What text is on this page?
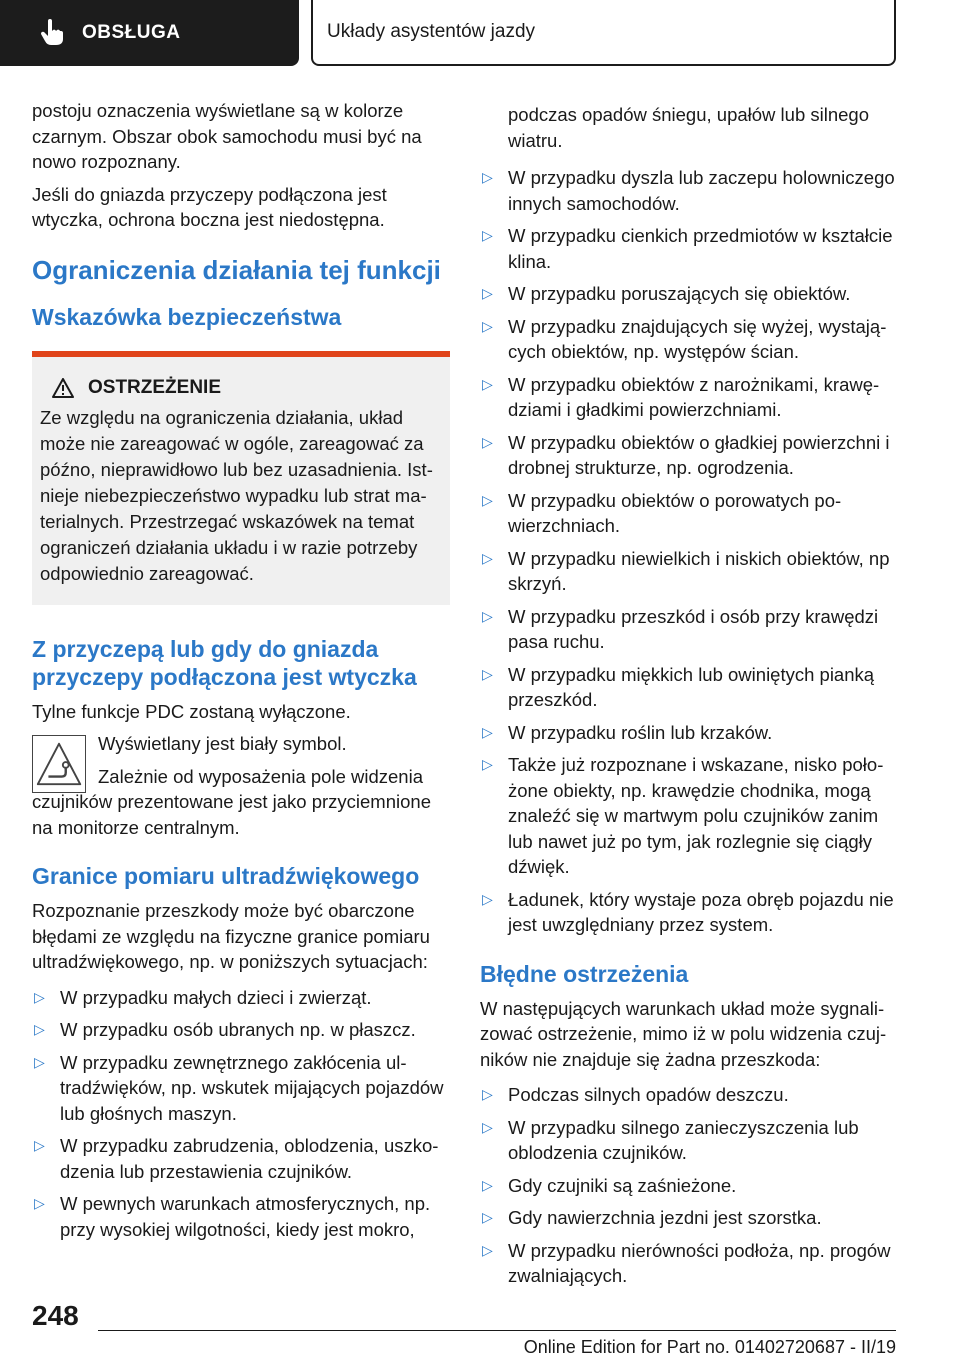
OBSŁUGA	Układy asystentów jazdy

postoju oznaczenia wyświetlane są w kolorze czarnym. Obszar obok samochodu musi być na nowo rozpoznany.

Jeśli do gniazda przyczepy podłączona jest wtyczka, ochrona boczna jest niedostępna.

Ograniczenia działania tej funkcji
Wskazówka bezpieczeństwa
OSTRZEŻENIE

Ze względu na ograniczenia działania, układ może nie zareagować w ogóle, zareagować za późno, nieprawidłowo lub bez uzasadnienia. Istnieje niebezpieczeństwo wypadku lub strat materialnych. Przestrzegać wskazówek na temat ograniczeń działania układu i w razie potrzeby odpowiednio zareagować.

Z przyczepą lub gdy do gniazda przyczepy podłączona jest wtyczka

Tylne funkcje PDC zostaną wyłączone.

Wyświetlany jest biały symbol.

Zależnie od wyposażenia pole widzenia czujników prezentowane jest jako przyciemnione na monitorze centralnym.

Granice pomiaru ultradźwiękowego

Rozpoznanie przeszkody może być obarczone błędami ze względu na fizyczne granice pomiaru ultradźwiękowego, np. w poniższych sytuacjach:

▷ W przypadku małych dzieci i zwierząt.
▷ W przypadku osób ubranych np. w płaszcz.
▷ W przypadku zewnętrznego zakłócenia ultradźwięków, np. wskutek mijających pojazdów lub głośnych maszyn.
▷ W przypadku zabrudzenia, oblodzenia, uszkodzenia lub przestawienia czujników.
▷ W pewnych warunkach atmosferycznych, np. przy wysokiej wilgotności, kiedy jest mokro,

podczas opadów śniegu, upałów lub silnego wiatru.

▷ W przypadku dyszla lub zaczepu holowniczego innych samochodów.
▷ W przypadku cienkich przedmiotów w kształcie klina.
▷ W przypadku poruszających się obiektów.
▷ W przypadku znajdujących się wyżej, wystających obiektów, np. występów ścian.
▷ W przypadku obiektów z narożnikami, krawędziami i gładkimi powierzchniami.
▷ W przypadku obiektów o gładkiej powierzchni i drobnej strukturze, np. ogrodzenia.
▷ W przypadku obiektów o porowatych powierzchniach.
▷ W przypadku niewielkich i niskich obiektów, np skrzyń.
▷ W przypadku przeszkód i osób przy krawędzi pasa ruchu.
▷ W przypadku miękkich lub owiniętych pianką przeszkód.
▷ W przypadku roślin lub krzaków.
▷ Także już rozpoznane i wskazane, nisko położone obiekty, np. krawędzie chodnika, mogą znaleźć się w martwym polu czujników zanim lub nawet już po tym, jak rozlegnie się ciągły dźwięk.
▷ Ładunek, który wystaje poza obręb pojazdu nie jest uwzględniany przez system.
Błędne ostrzeżenia

W następujących warunkach układ może sygnalizować ostrzeżenie, mimo iż w polu widzenia czujników nie znajduje się żadna przeszkoda:

▷ Podczas silnych opadów deszczu.
▷ W przypadku silnego zanieczyszczenia lub oblodzenia czujników.
▷ Gdy czujniki są zaśnieżone.
▷ Gdy nawierzchnia jezdni jest szorstka.
▷ W przypadku nierówności podłoża, np. progów zwalniających.
248
Online Edition for Part no. 01402720687 - II/19
